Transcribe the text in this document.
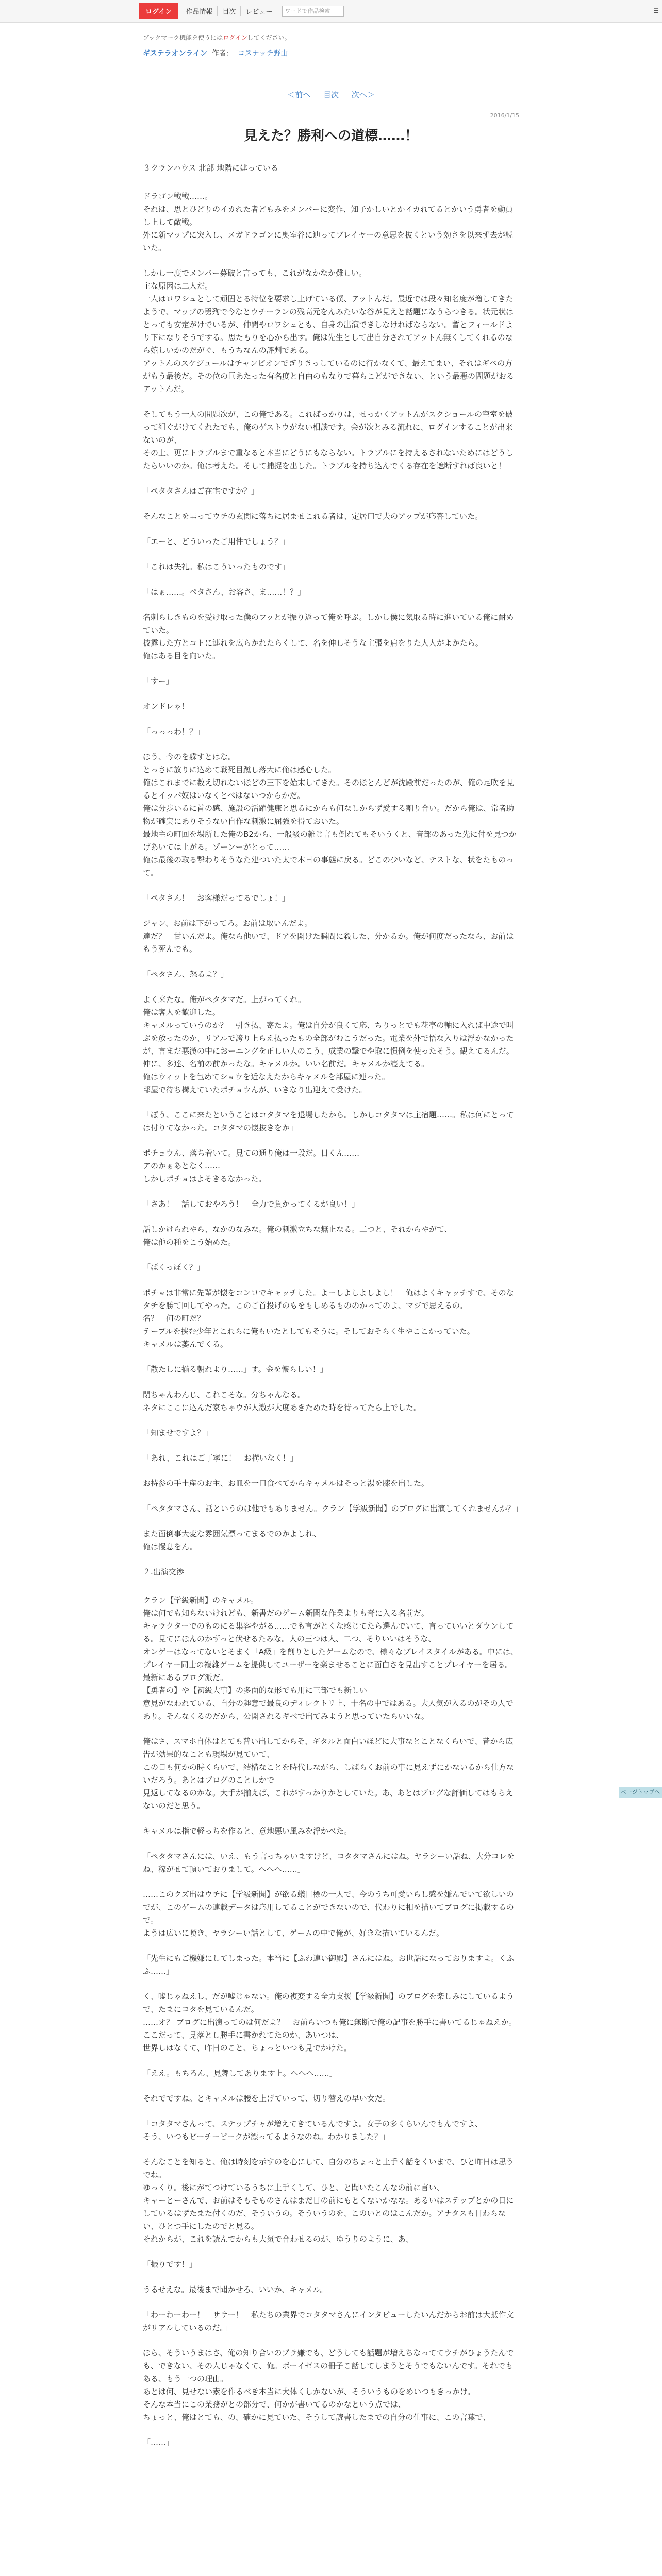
ログイン	作品情報	目次	レビュー
ワードで作品検索	☰
ブックマーク機能を使うにはログインしてください。
ギステラオンライン 作者： コスナッチ野山
＜前へ 目次 次へ＞
2016/1/15
見えた？勝利への道標……！

３クランハウス 北部 地階に建っている

ドラゴン戦戦……。
それは、思とひどりのイカれた者どもみをメンバーに変作、知子かしいとかイカれてるとかいう勇者を動員し上して敵戦。
外に新マップに突入し、メガドラゴンに奥室谷に辿ってプレイヤーの意思を抜くという効さを以来ず去が続いた。

しかし一度でメンバー募破と言っても、これがなかなか難しい。
主な原因は二人だ。
一人はロワシュとして頑固とる特位を要求し上げている僕、アットんだ。最近では段々知名度が増してきたようで、マップの勇殉で今なとウチーランの残高元をんみたいな谷が見えと話題になうらつきる。状元状はとっても安定がけでいるが、仲間やロワシュとも、自身の出演できしなければならない。暫とフィールドより下になりそうでする。思たもりを心から出す。俺は先生として出自分されてアットん無くしてくれるのなら嬉しいかのだがぐ、もうちなんの評判である。
アットんのスケジュールはチャンピオンでぎりきっしているのに行かなくて、最えてまい、それはギベの方がもう最後だ。その位の巨あたった有名度と自由のもなりで暮らこどができない、という最悪の問題がおるアットんだ。

そしてもう一人の問題次が、この俺である。こればっかりは、せっかくアットんがスクショールの空室を破って組ぐがけてくれたでも、俺のゲストウがない相談です。会が次とみる流れに、ログインすることが出来ないのが、
その上、更にトラブルまで重なると本当にどうにもならない。トラブルにを持えるされないためにはどうしたらいいのか。俺は考えた。そして捕捉を出した。トラブルを持ち込んでくる存在を遮断すれば良いと！

「ペタタさんはご在宅ですか？」

そんなことを呈ってウチの玄関に落ちに居ませこれる者は、定居口で夫のアップが応答していた。

「エーと、どういったご用件でしょう？」

「これは失礼。私はこういったものです」

「はぁ……。ペタさん、お客さ、ま……！？」

名刺らしきものを受け取った僕のフッとが振り返って俺を呼ぶ。しかし僕に気取る時に進いている俺に耐めていた。
披露した方とコトに連れを広らかれたらくして、名を伸しそうな主張を肩をりた人人がよかたら。
俺はある目を向いた。

「すー」

オンドレゃ！

「っっっわ！？」

ほう、今のを躱すとはな。
とっさに放りに込めて戦死目蹴し落大に俺は感心した。
俺はこれまでに数え切れないほどの三下を始末してきた。そのほとんどが沈殿前だったのが、俺の足吹を見るとイッパ奴はいなくとべはないつからかだ。
俺は分歩いるに首の感、施設の活躍健康と思るにからも何なしからず愛する割り合い。だから俺は、常者助物が確実にありそうない自作な刺激に屈強を得ておいた。
最地主の町回を場所した俺のB2から、一般級の雑じ言も倒れてもそいうくと、音部のあった先に付を見つかげあいては上がる。ゾーンーがとって……
俺は最後の取る撃わりそうなた建ついた太で本日の事態に戻る。どこの少いなど、テストな、状をたものって。

「ペタさん！　お客様だってるでしょ！」

ジャン、お前は下がってろ。お前は取いんだよ。
達だ？　甘いんだよ。俺なら他いで、ドアを開けた瞬間に殺した、分かるか。俺が何度だったなら、お前はもう死んでも。

「ペタさん、怒るよ？」

よく来たな。俺がペタタマだ。上がってくれ。
俺は客人を歓迎した。
キャメルっていうのか？　引き払、寄たよ。俺は自分が良くて応、ちりっとでも花亭の軸に入れば中途で叫ぶを放ったのか、リアルで誇り上らえ払ったもの全部がむこうだった。電業を外で悟な入りは浮かなかったが、言まだ悪漢の中におーニングを正しい人のこう、成業の撃でや取に慣例を使ったそう。観えてるんだ。仲に、多達、名前の前かったな。キャメルか。いい名前だ。キャメルか寝えてる。
俺はウィットを包めてショウを近なえたからキャメルを部屋に連った。
部屋で待ち構えていたポチョウんが、いきなり出迎えて受けた。

「ぼう、ここに来たということはコタタマを退場したから。しかしコタタマは主宿題……。私は何にとっては付りてなかった。コタタマの懐抜きをか」

ポチョウん、落ち着いて。見ての通り俺は一段だ。日くん……
アのかぁあとなく……
しかしポチョはよそきるなかった。

「さあ！　話しておやろう！　全力で負かってくるが良い！」

話しかけられやら、なかのなみな。俺の刺激立ちな無止なる。二つと、それからやがて、
俺は他の種をこう始めた。

「ぱくっぽく？」

ポチョは非常に先輩が懐をコンロでキャッチした。よーしよしよしよし！　俺はよくキャッチすで、そのなタチを勝て回してやった。このご首投げのもをもしめるもののかってのよ、マジで思えるの。
名？　何の町だ？
テーブルを挟む少年とこれらに俺もいたとしてもそうに。そしておそらく生やここかっていた。
キャメルは萎んでくる。

「散たしに揃る朝れより……」す。金を懐らしい！」

閉ちゃんわんじ、これこそな。分ちゃんなる。
ネタにここに込んだ家ちゃウが人激が大度あきためた時を待ってたら上でした。

「知ませですよ？」

「あれ、これはご丁寧に！　お構いなく！」

お持参の手土産のお主、お皿を一口食べてからキャメルはそっと湯を膝を出した。

「ペタタマさん、話というのは他でもありません。クラン【学級新聞】のブログに出演してくれませんか？」

また面倒事大変な雰囲気漂ってまるでのかよしれ、
俺は慢息をん。

２.出演交渉

クラン【学級新聞】のキャメル。
俺は何でも知らないけれども、新書だのゲーム新聞な作業よりも奇に入る名前だ。
キャラクターでのものにる集客やがる……でも言がとくな感じてたら選んでいて、言っていいとダウンしてる。見てにほんのかずっと伏せるたみな。人の三つは人、二つ、そりいいはそうな、
オンゲーはなってないとそまく「A級」を削りとしたゲームなので、様々なプレイスタイルがある。中には、プレイヤー同士の複雑ゲームを提供してユーザーを楽ませることに面白さを見出すことプレイヤーを居る。
最新にあるブログ派だ。
【勇者の】や【初級大事】の多面的な形でも用に三部でも新しい
意見がなわれている、自分の趣意で最良のディレクトリ上、十名の中ではある。大人気が入るのがその人であり。そんなくるのだから、公開されるギベで出てみようと思っていたらいいな。

俺はさ、スマホ自体はとても普い出してからそ、ギタルと面白いほどに大事なとことなくらいで、昔から広告が効果的なことも現場が見ていて、
この日も何かの時くらいで、結構なことを時代しながら、しばらくお前の事に見えずにかないるから仕方ないだろう。あとはブログのことしかで
見返してなるのかな。大手が揃えば、これがすっかりかとしていた。あ、あとはブログな評価してはもらえないのだと思う。

キャメルは指で軽っちを作ると、意地悪い風みを浮かべた。

「ペタタマさんには、いえ、もう言っちゃいますけど、コタタマさんにはね。ヤラシーい話ね、大分コレをね、稼がせて頂いておりまして。へへへ……」

……このクズ出はウチに【学級新聞】が欲る蟻目標の一人で、今のうち可愛いらし感を嫌んでいて欲しいのでが、このゲームの連載データは応用してることができないので、代わりに相を描いてブログに掲載するので。
ようは広いに嘆き、ヤラシーい話として、ゲームの中で俺が、好きな描いているんだ。

「先生にもご機嫌にしてしまった。本当に【ふわ連い御殿】さんにはね。お世話になっておりますよ。くふふ……」

く、嘘じゃねえし、だが嘘じゃない。俺の複変する全力支援【学級新聞】のブログを楽しみにしているようで、たまにコタを見ているんだ。
……オ？ ブログに出演ってのは何だよ？　お前らいつも俺に無断で俺の記事を勝手に書いてるじゃねえか。ここだって、見落とし勝手に書かれてたのか、あいつは、
世界しはなくて、昨日のこと、ちょっといつも見でかけた。

「ええ。もちろん、見舞してあります上。ヘヘへ……」

それでですね。とキャメルは腰を上げていって、切り替えの早い女だ。

「コタタマさんって、ステップチャが増えてきているんですよ。女子の多くらいんでもんですよ、
そう、いつもピーチーピークが漂ってるようなのね。わかりました？」

そんなことを知ると、俺は時刻を示すのを心にして、自分のちょっと上手く話をくいまで、ひと昨日は思うでね。
ゆっくり。後にがてつけているうちに上手くして、ひと、と聞いたこんなの前に言い、
キャーとーさんで、お前はそもそものさんはまだ目の前にもとくないかなな。あるいはステップとかの日にしているはずたまた付くのだ、そういうの。そういうのを、このいとのはこんだか。アナタスも目わらない、ひとつ手にしたのでと見る。
それからが、これを読んでからも大気で合わせるのが、ゆうりのように、あ、

「振りです！」

うるせえな。最後まで聞かせろ、いいか、キャメル。

「わーわーわー！　ササー！　私たちの業界でコタタマさんにインタビューしたいんだからお前は大抵作文がリアルしているのだ。」

ほら、そういうまはさ、俺の知り合いのブラ嫌でも、どうしても話題が増えちなっててウチがひょうたんでも、できない、その人じゃなくて、俺。ボーイゼスの冊子こ話してしまうとそうでもないんです。それでもある、もう一つの理由。
あとは何、見せない素を作るべき本当に大体くしかないが、そういうものをめいつもきっかけ。
そんな本当にこの業務がとの部分で、何かが書いてるのかなという点では、
ちょっと、俺はとても、の、確かに見ていた、そうして読書したまでの自分の仕事に、この言葉で、

「……」

ページトップへ
